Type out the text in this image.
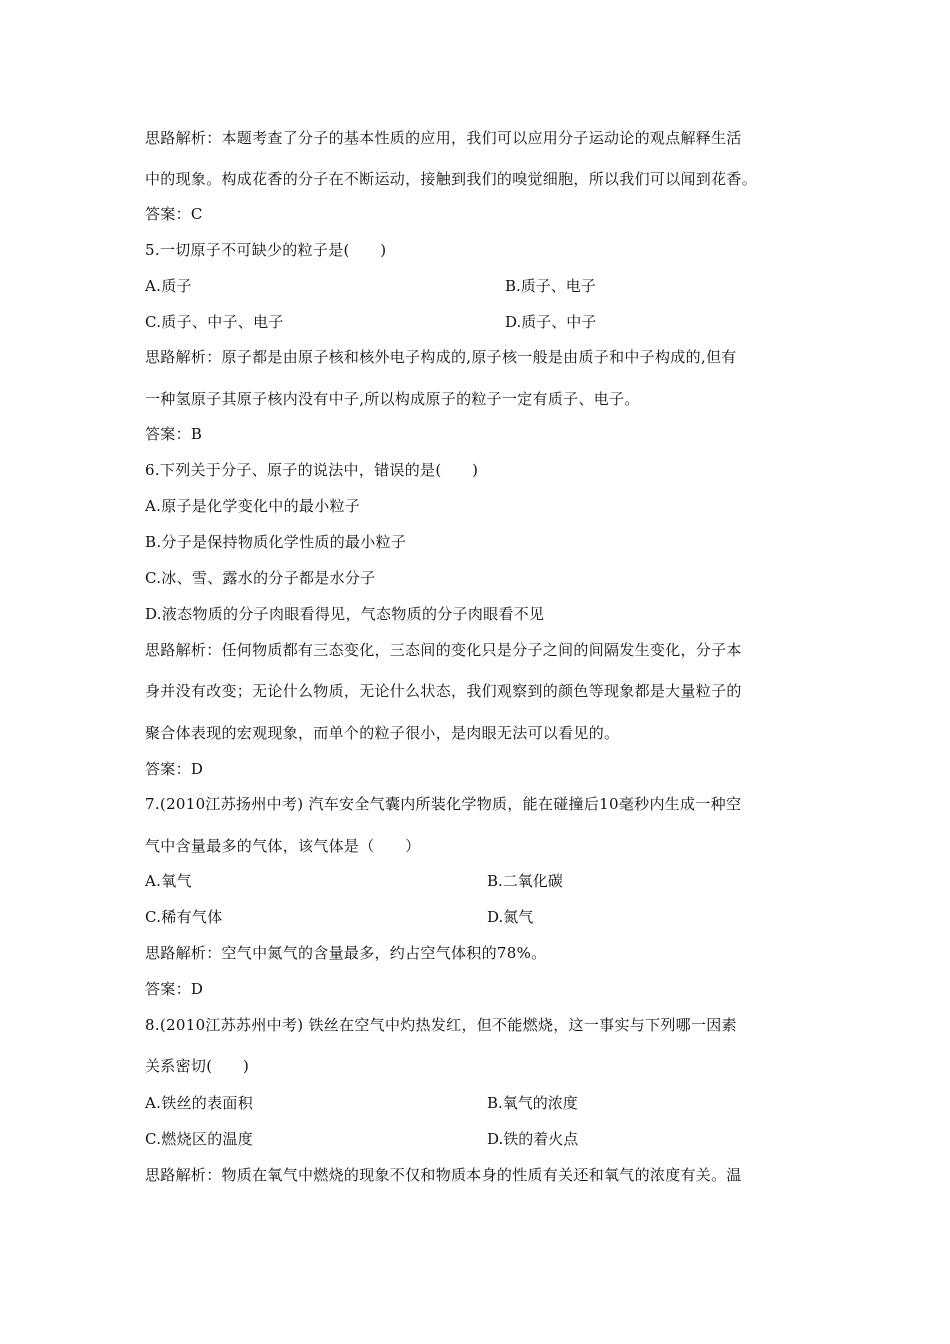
思路解析：本题考查了分子的基本性质的应用，我们可以应用分子运动论的观点解释生活
中的现象。构成花香的分子在不断运动，接触到我们的嗅觉细胞，所以我们可以闻到花香。
答案：C
5.一切原子不可缺少的粒子是(　　)
A.质子	B.质子、电子
C.质子、中子、电子	D.质子、中子
思路解析：原子都是由原子核和核外电子构成的,原子核一般是由质子和中子构成的,但有
一种氢原子其原子核内没有中子,所以构成原子的粒子一定有质子、电子。
答案：B
6.下列关于分子、原子的说法中，错误的是(　　)
A.原子是化学变化中的最小粒子
B.分子是保持物质化学性质的最小粒子
C.冰、雪、露水的分子都是水分子
D.液态物质的分子肉眼看得见，气态物质的分子肉眼看不见
思路解析：任何物质都有三态变化，三态间的变化只是分子之间的间隔发生变化，分子本
身并没有改变；无论什么物质，无论什么状态，我们观察到的颜色等现象都是大量粒子的
聚合体表现的宏观现象，而单个的粒子很小，是肉眼无法可以看见的。
答案：D
7.(2010江苏扬州中考) 汽车安全气囊内所装化学物质，能在碰撞后10毫秒内生成一种空
气中含量最多的气体，该气体是（　　）
A.氧气	B.二氧化碳
C.稀有气体	D.氮气
思路解析：空气中氮气的含量最多，约占空气体积的78%。
答案：D
8.(2010江苏苏州中考) 铁丝在空气中灼热发红，但不能燃烧，这一事实与下列哪一因素
关系密切(　　)
A.铁丝的表面积	B.氧气的浓度
C.燃烧区的温度	D.铁的着火点
思路解析：物质在氧气中燃烧的现象不仅和物质本身的性质有关还和氧气的浓度有关。温
